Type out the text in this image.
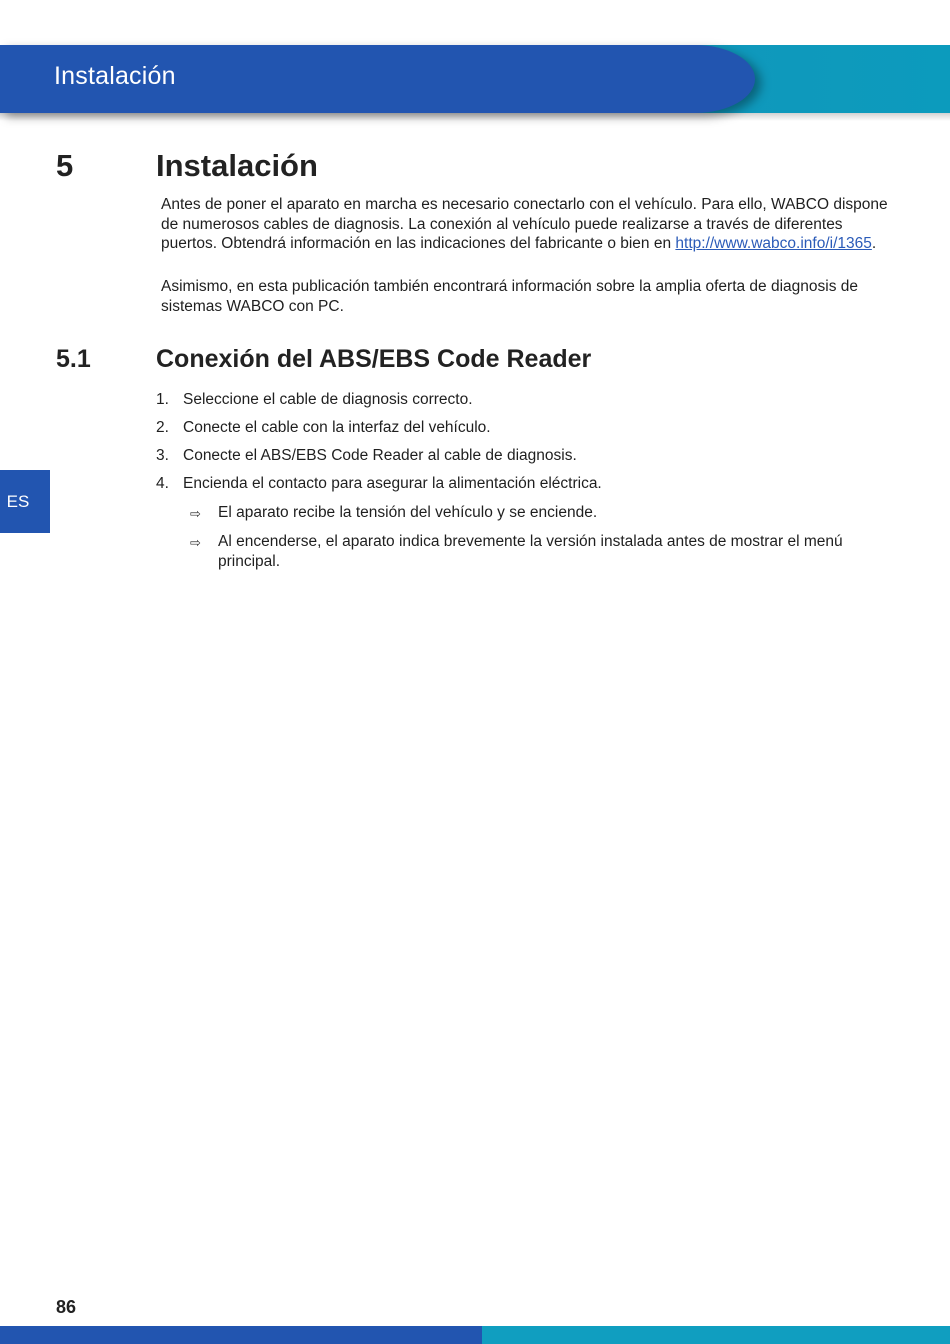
Instalación
5	Instalación

Antes de poner el aparato en marcha es necesario conectarlo con el vehículo. Para ello, WABCO dispone de numerosos cables de diagnosis. La conexión al vehículo puede realizarse a través de diferentes puertos. Obtendrá información en las indicaciones del fabricante o bien en http://www.wabco.info/i/1365.

Asimismo, en esta publicación también encontrará información sobre la amplia oferta de diagnosis de sistemas WABCO con PC.

5.1	Conexión del ABS/EBS Code Reader
1. Seleccione el cable de diagnosis correcto.
2. Conecte el cable con la interfaz del vehículo.
3. Conecte el ABS/EBS Code Reader al cable de diagnosis.
4. Encienda el contacto para asegurar la alimentación eléctrica.
⇨	El aparato recibe la tensión del vehículo y se enciende.
⇨	Al encenderse, el aparato indica brevemente la versión instalada antes de mostrar el menú principal.
ES

86
